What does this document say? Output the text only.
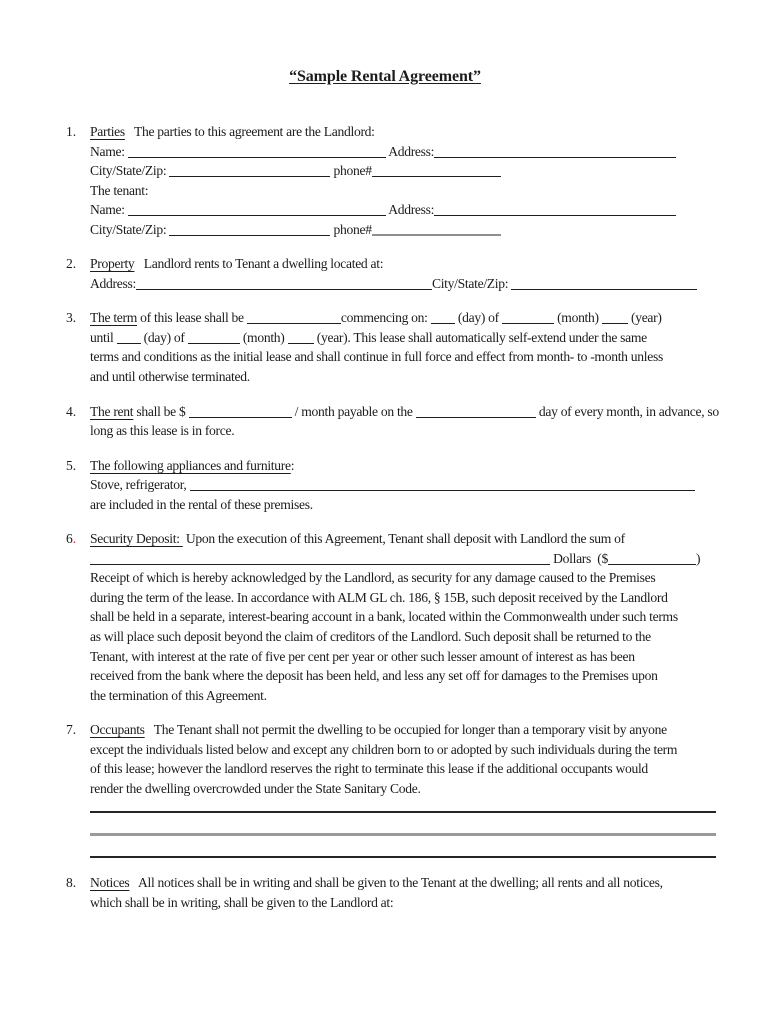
“Sample Rental Agreement”
1.	Parties   The parties to this agreement are the Landlord:
Name:	Address:
City/State/Zip:	phone#
The tenant:
Name:	Address:
City/State/Zip:	phone#
2.	Property   Landlord rents to Tenant a dwelling located at:
Address:	City/State/Zip:
3.	The term of this lease shall be	commencing on:  (day) of	(month)  (year)
until  (day) of	(month)  (year). This lease shall automatically self-extend under the same
terms and conditions as the initial lease and shall continue in full force and effect from month- to -month unless
and until otherwise terminated.
4.	The rent shall be $	/ month payable on the	day of every month, in advance, so
long as this lease is in force.
5.	The following appliances and furniture:
Stove, refrigerator,
are included in the rental of these premises.
6.	Security Deposit:  Upon the execution of this Agreement, Tenant shall deposit with Landlord the sum of
Dollars  ($	)
Receipt of which is hereby acknowledged by the Landlord, as security for any damage caused to the Premises
during the term of the lease. In accordance with ALM GL ch. 186, § 15B, such deposit received by the Landlord
shall be held in a separate, interest-bearing account in a bank, located within the Commonwealth under such terms
as will place such deposit beyond the claim of creditors of the Landlord. Such deposit shall be returned to the
Tenant, with interest at the rate of five per cent per year or other such lesser amount of interest as has been
received from the bank where the deposit has been held, and less any set off for damages to the Premises upon
the termination of this Agreement.
7.	Occupants   The Tenant shall not permit the dwelling to be occupied for longer than a temporary visit by anyone
except the individuals listed below and except any children born to or adopted by such individuals during the term
of this lease; however the landlord reserves the right to terminate this lease if the additional occupants would
render the dwelling overcrowded under the State Sanitary Code.
8.	Notices   All notices shall be in writing and shall be given to the Tenant at the dwelling; all rents and all notices,
which shall be in writing, shall be given to the Landlord at:
